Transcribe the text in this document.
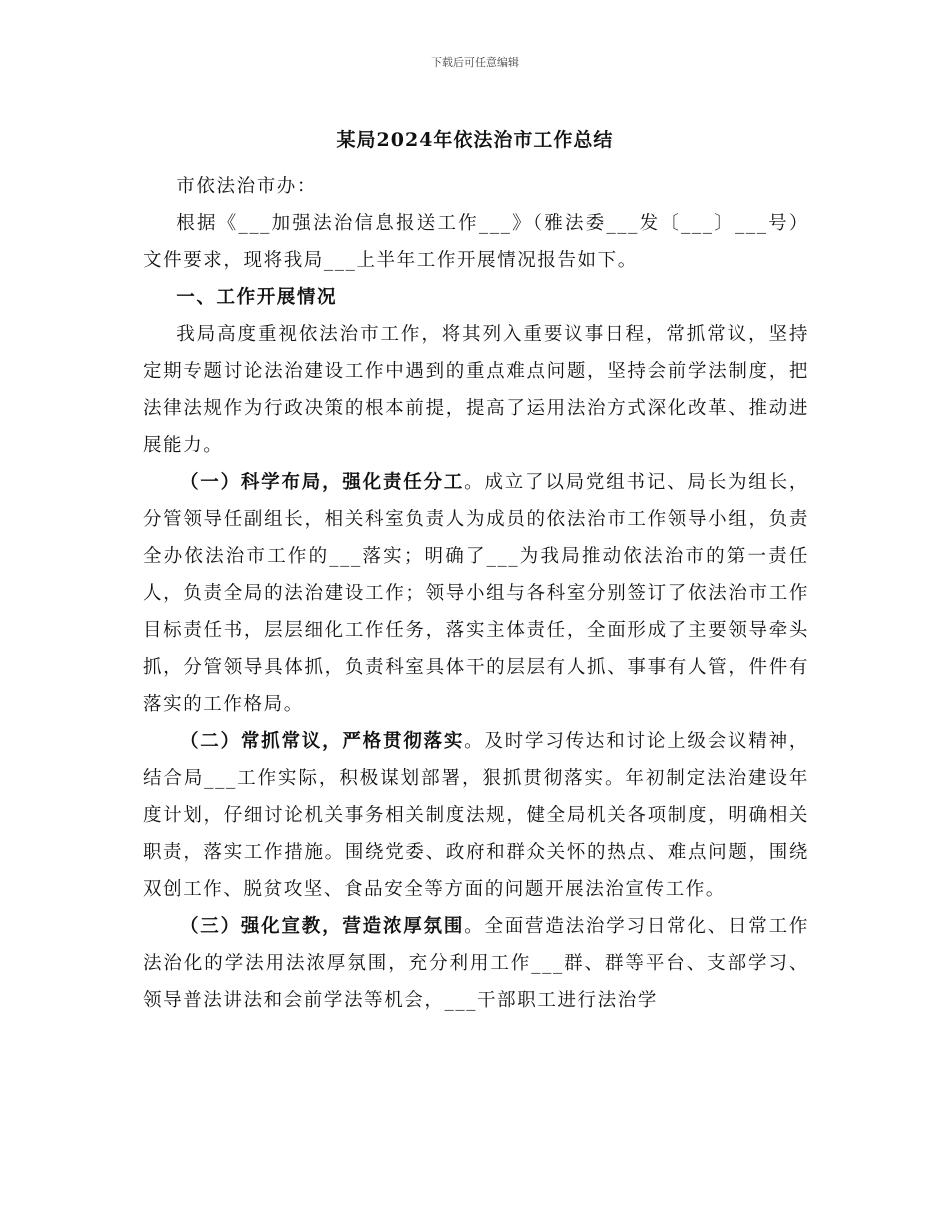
下载后可任意编辑
某局2024年依法治市工作总结

市依法治市办：

根据《___加强法治信息报送工作___》（雅法委___发〔___〕___号）文件要求，现将我局___上半年工作开展情况报告如下。

一、工作开展情况

我局高度重视依法治市工作，将其列入重要议事日程，常抓常议，坚持定期专题讨论法治建设工作中遇到的重点难点问题，坚持会前学法制度，把法律法规作为行政决策的根本前提，提高了运用法治方式深化改革、推动进展能力。

（一）科学布局，强化责任分工。成立了以局党组书记、局长为组长，分管领导任副组长，相关科室负责人为成员的依法治市工作领导小组，负责全办依法治市工作的___落实；明确了___为我局推动依法治市的第一责任人，负责全局的法治建设工作；领导小组与各科室分别签订了依法治市工作目标责任书，层层细化工作任务，落实主体责任，全面形成了主要领导牵头抓，分管领导具体抓，负责科室具体干的层层有人抓、事事有人管，件件有落实的工作格局。

（二）常抓常议，严格贯彻落实。及时学习传达和讨论上级会议精神，结合局___工作实际，积极谋划部署，狠抓贯彻落实。年初制定法治建设年度计划，仔细讨论机关事务相关制度法规，健全局机关各项制度，明确相关职责，落实工作措施。围绕党委、政府和群众关怀的热点、难点问题，围绕双创工作、脱贫攻坚、食品安全等方面的问题开展法治宣传工作。

（三）强化宣教，营造浓厚氛围。全面营造法治学习日常化、日常工作法治化的学法用法浓厚氛围，充分利用工作___群、群等平台、支部学习、领导普法讲法和会前学法等机会，___干部职工进行法治学
